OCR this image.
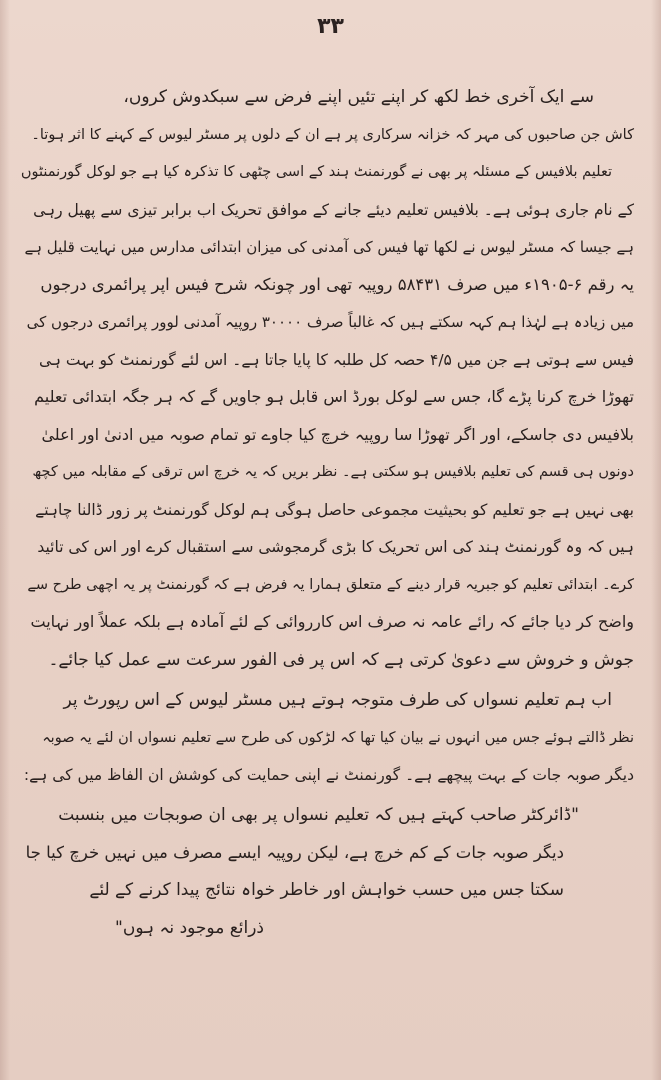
۳۳
سے ایک آخری خط لکھ کر اپنے تئیں اپنے فرض سے سبکدوش کروں،
کاش جن صاحبوں کی مہر کہ خزانہ سرکاری پر ہے ان کے دلوں پر مسٹر لیوس کے کہنے کا اثر ہوتا۔
تعلیم بلافیس کے مسئلہ پر بھی نے گورنمنٹ ہند کے اسی چٹھی کا تذکرہ کیا ہے جو لوکل گورنمنٹوں
کے نام جاری ہوئی ہے۔ بلافیس تعلیم دیئے جانے کے موافق تحریک اب برابر تیزی سے پھیل رہی
ہے جیسا کہ مسٹر لیوس نے لکھا تھا فیس کی آمدنی کی میزان ابتدائی مدارس میں نہایت قلیل ہے
یہ رقم ۶-۱۹۰۵ء میں صرف ۵۸۴۳۱ روپیہ تھی اور چونکہ شرح فیس اپر پرائمری درجوں
میں زیادہ ہے لہٰذا ہم کہہ سکتے ہیں کہ غالباً صرف ۳۰۰۰۰ روپیہ آمدنی لوور پرائمری درجوں کی
فیس سے ہوتی ہے جن میں ۴/۵ حصہ کل طلبہ کا پایا جاتا ہے۔ اس لئے گورنمنٹ کو بہت ہی
تھوڑا خرچ کرنا پڑے گا، جس سے لوکل بورڈ اس قابل ہو جاویں گے کہ ہر جگہ ابتدائی تعلیم
بلافیس دی جاسکے، اور اگر تھوڑا سا روپیہ خرچ کیا جاوے تو تمام صوبہ میں ادنیٰ اور اعلیٰ
دونوں ہی قسم کی تعلیم بلافیس ہو سکتی ہے۔ نظر بریں کہ یہ خرچ اس ترقی کے مقابلہ میں کچھ
بھی نہیں ہے جو تعلیم کو بحیثیت مجموعی حاصل ہوگی ہم لوکل گورنمنٹ پر زور ڈالنا چاہتے
ہیں کہ وہ گورنمنٹ ہند کی اس تحریک کا بڑی گرمجوشی سے استقبال کرے اور اس کی تائید
کرے۔ ابتدائی تعلیم کو جبریہ قرار دینے کے متعلق ہمارا یہ فرض ہے کہ گورنمنٹ پر یہ اچھی طرح سے
واضح کر دیا جائے کہ رائے عامہ نہ صرف اس کارروائی کے لئے آمادہ ہے بلکہ عملاً اور نہایت
جوش و خروش سے دعویٰ کرتی ہے کہ اس پر فی الفور سرعت سے عمل کیا جائے۔
اب ہم تعلیم نسواں کی طرف متوجہ ہوتے ہیں مسٹر لیوس کے اس رپورٹ پر
نظر ڈالتے ہوئے جس میں انہوں نے بیان کیا تھا کہ لڑکوں کی طرح سے تعلیم نسواں ان لئے یہ صوبہ
دیگر صوبہ جات کے بہت پیچھے ہے۔ گورنمنٹ نے اپنی حمایت کی کوشش ان الفاظ میں کی ہے:
"ڈائرکٹر صاحب کہتے ہیں کہ تعلیم نسواں پر بھی ان صوبجات میں بنسبت
دیگر صوبہ جات کے کم خرچ ہے، لیکن روپیہ ایسے مصرف میں نہیں خرچ کیا جا
سکتا جس میں حسب خواہش اور خاطر خواہ نتائج پیدا کرنے کے لئے
ذرائع موجود نہ ہوں"
